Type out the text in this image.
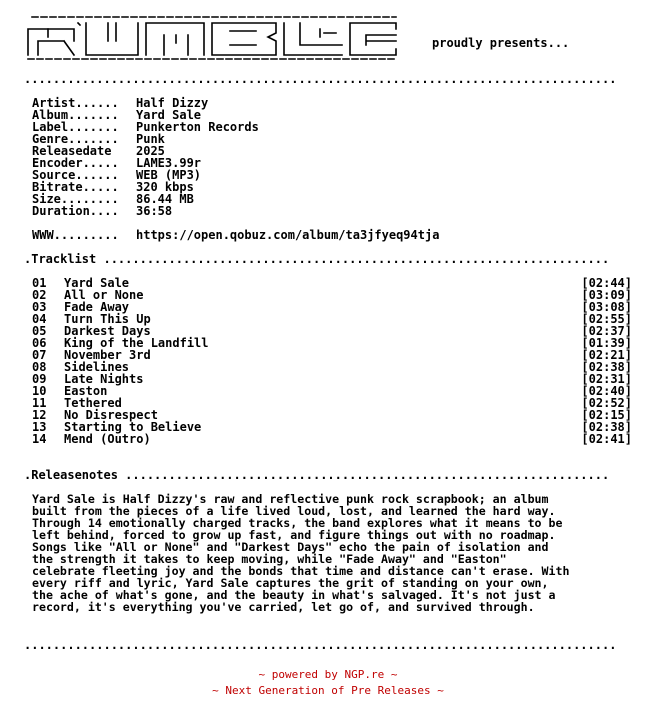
proudly presents...
..................................................................................
Artist......	Half Dizzy
Album.......	Yard Sale
Label.......	Punkerton Records
Genre.......	Punk
Releasedate	2025
Encoder.....	LAME3.99r
Source......	WEB (MP3)
Bitrate.....	320 kbps
Size........	86.44 MB
Duration....	36:58
WWW.........	https://open.qobuz.com/album/ta3jfyeq94tja
.Tracklist ......................................................................
01	Yard Sale	[02:44]
02	All or None	[03:09]
03	Fade Away	[03:08]
04	Turn This Up	[02:55]
05	Darkest Days	[02:37]
06	King of the Landfill	[01:39]
07	November 3rd	[02:21]
08	Sidelines	[02:38]
09	Late Nights	[02:31]
10	Easton	[02:40]
11	Tethered	[02:52]
12	No Disrespect	[02:15]
13	Starting to Believe	[02:38]
14	Mend (Outro)	[02:41]
.Releasenotes ...................................................................
Yard Sale is Half Dizzy's raw and reflective punk rock scrapbook; an album
built from the pieces of a life lived loud, lost, and learned the hard way.
Through 14 emotionally charged tracks, the band explores what it means to be
left behind, forced to grow up fast, and figure things out with no roadmap.
Songs like "All or None" and "Darkest Days" echo the pain of isolation and
the strength it takes to keep moving, while "Fade Away" and "Easton"
celebrate fleeting joy and the bonds that time and distance can't erase. With
every riff and lyric, Yard Sale captures the grit of standing on your own,
the ache of what's gone, and the beauty in what's salvaged. It's not just a
record, it's everything you've carried, let go of, and survived through.
..................................................................................
~ powered by NGP.re ~
~ Next Generation of Pre Releases ~
